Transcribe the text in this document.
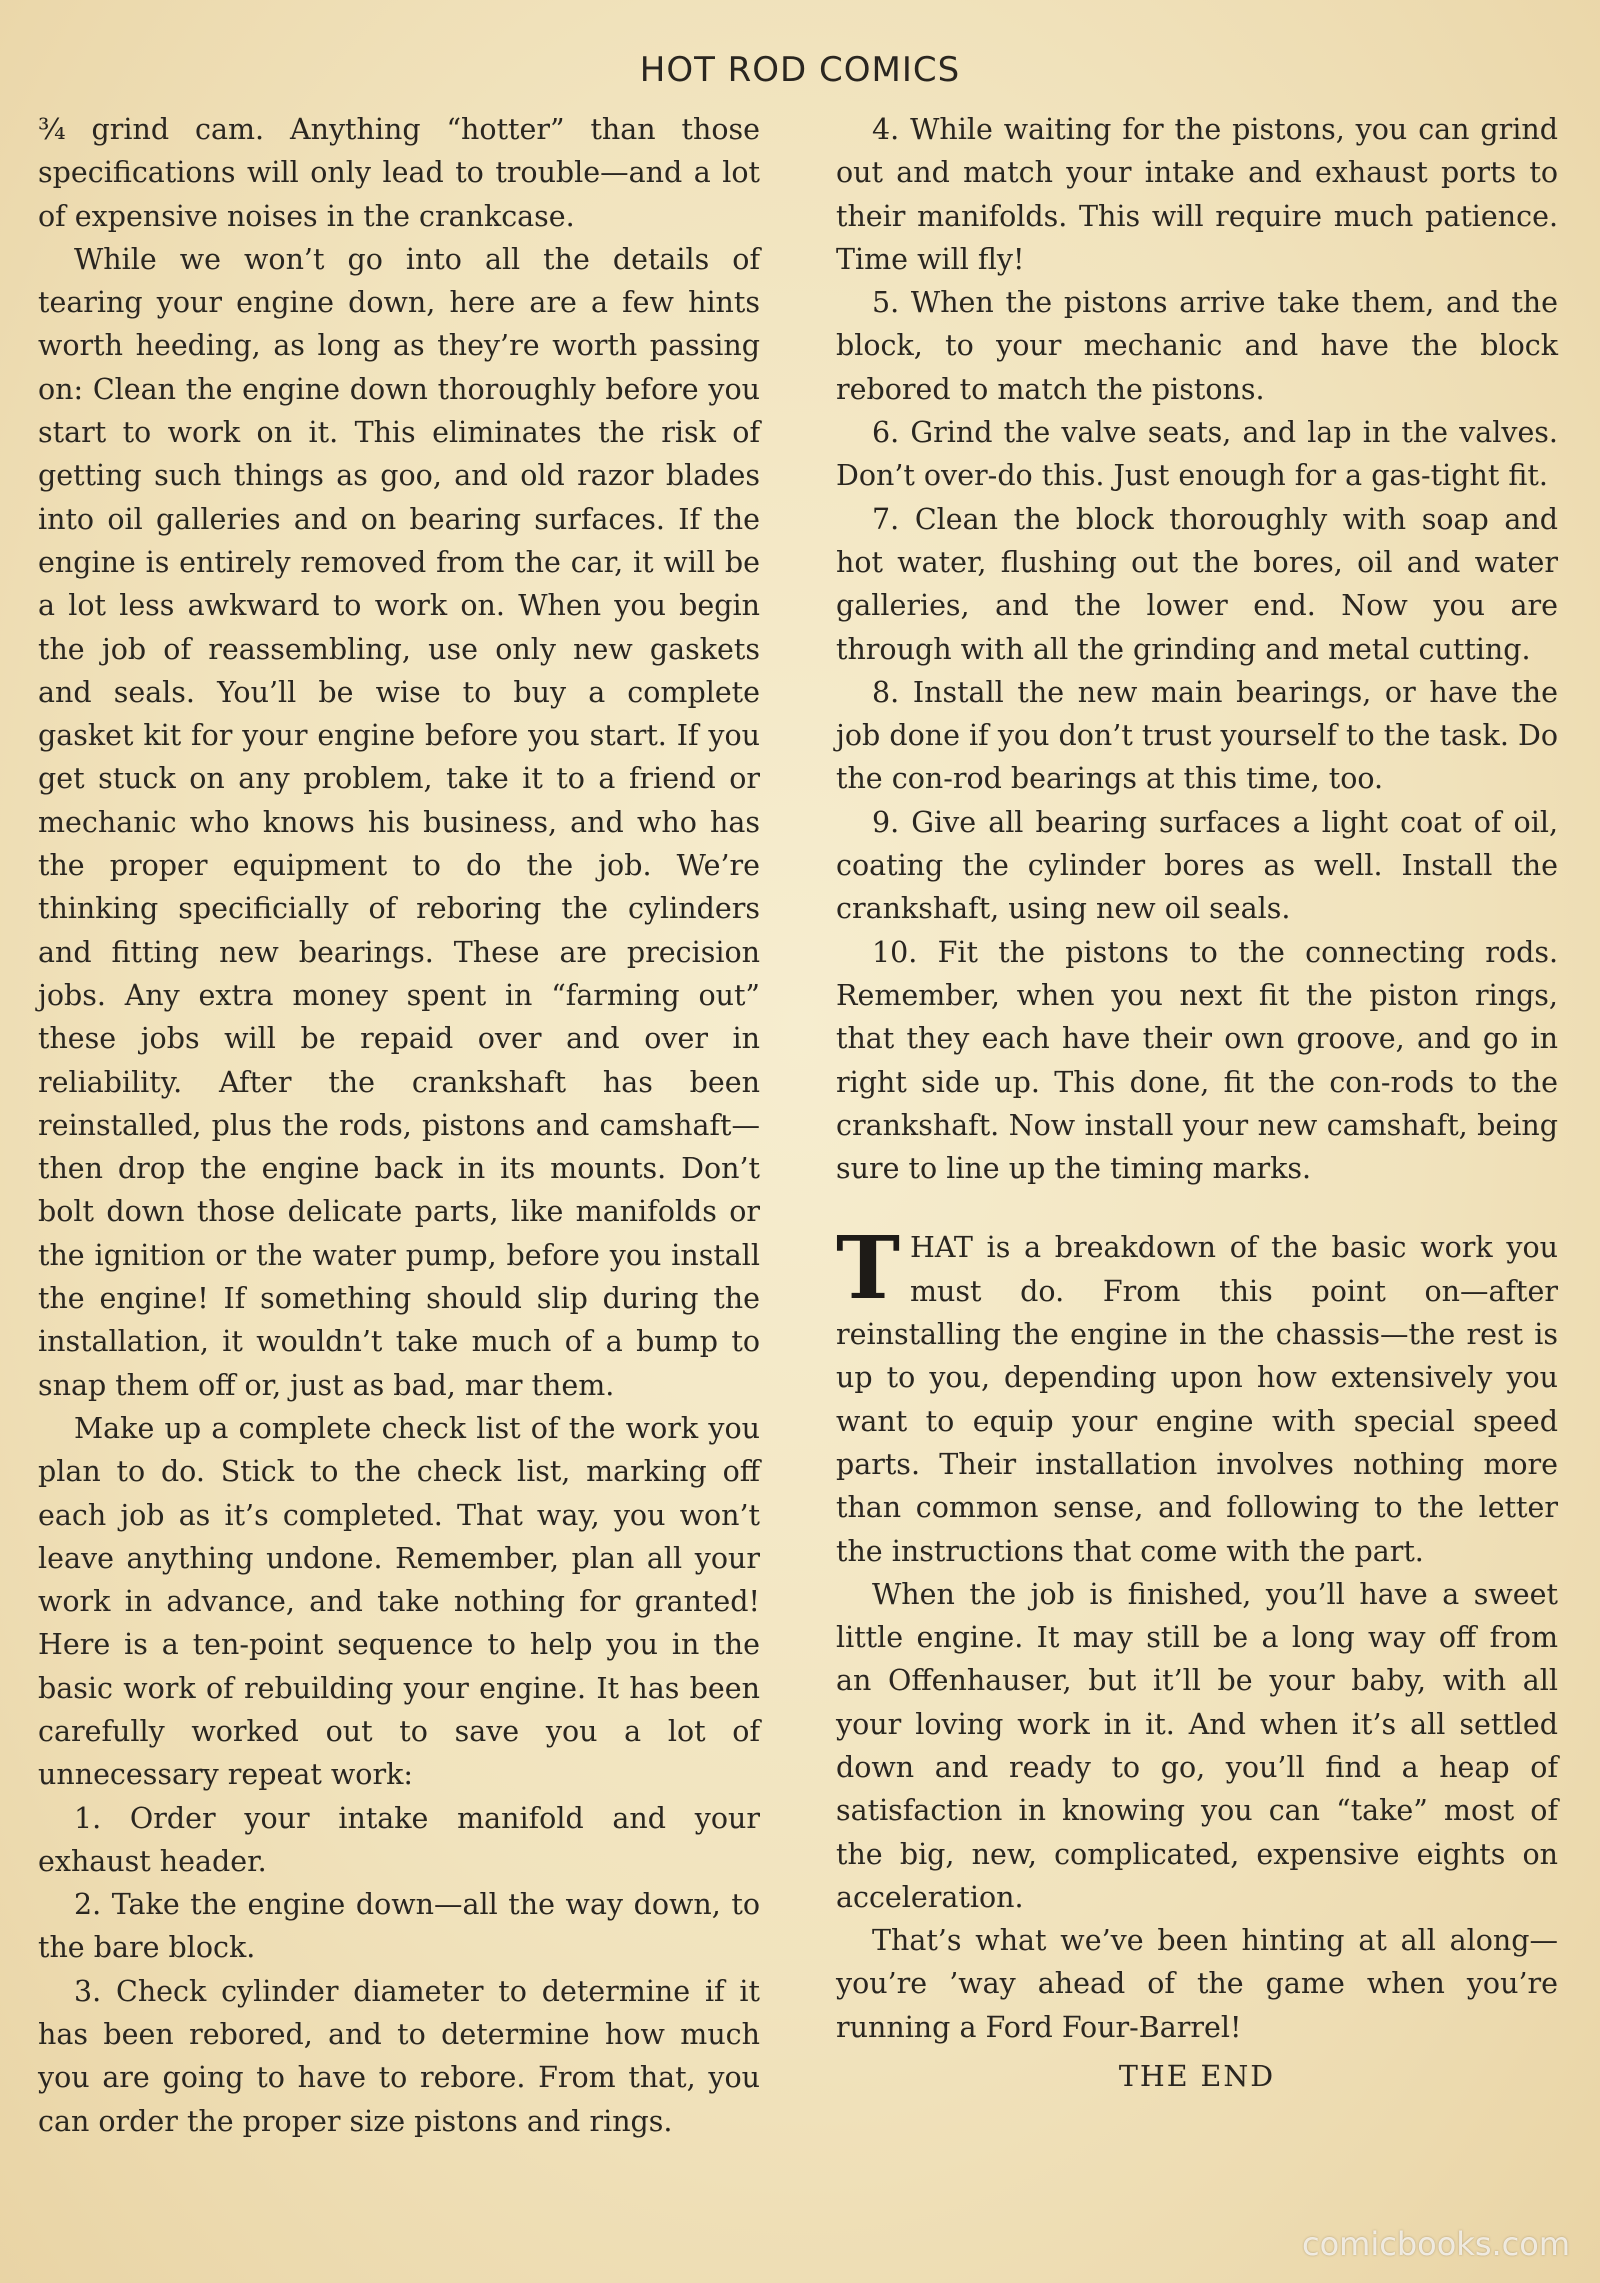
HOT ROD COMICS

¾ grind cam. Anything “hotter” than those specifications will only lead to trouble—and a lot of expensive noises in the crankcase.

While we won’t go into all the details of tearing your engine down, here are a few hints worth heeding, as long as they’re worth passing on: Clean the engine down thoroughly before you start to work on it. This eliminates the risk of getting such things as goo, and old razor blades into oil galleries and on bearing surfaces. If the engine is entirely removed from the car, it will be a lot less awkward to work on. When you begin the job of reassembling, use only new gaskets and seals. You’ll be wise to buy a complete gasket kit for your engine before you start. If you get stuck on any problem, take it to a friend or mechanic who knows his business, and who has the proper equipment to do the job. We’re thinking specificially of reboring the cylinders and fitting new bearings. These are precision jobs. Any extra money spent in “farming out” these jobs will be repaid over and over in reliability. After the crankshaft has been reinstalled, plus the rods, pistons and camshaft—then drop the engine back in its mounts. Don’t bolt down those delicate parts, like manifolds or the ignition or the water pump, before you install the engine! If something should slip during the installation, it wouldn’t take much of a bump to snap them off or, just as bad, mar them.

Make up a complete check list of the work you plan to do. Stick to the check list, marking off each job as it’s completed. That way, you won’t leave anything undone. Remember, plan all your work in advance, and take nothing for granted! Here is a ten-point sequence to help you in the basic work of rebuilding your engine. It has been carefully worked out to save you a lot of unnecessary repeat work:

1. Order your intake manifold and your exhaust header.

2. Take the engine down—all the way down, to the bare block.

3. Check cylinder diameter to determine if it has been rebored, and to determine how much you are going to have to rebore. From that, you can order the proper size pistons and rings.

4. While waiting for the pistons, you can grind out and match your intake and exhaust ports to their manifolds. This will require much patience. Time will fly!

5. When the pistons arrive take them, and the block, to your mechanic and have the block rebored to match the pistons.

6. Grind the valve seats, and lap in the valves. Don’t over-do this. Just enough for a gas-tight fit.

7. Clean the block thoroughly with soap and hot water, flushing out the bores, oil and water galleries, and the lower end. Now you are through with all the grinding and metal cutting.

8. Install the new main bearings, or have the job done if you don’t trust yourself to the task. Do the con-rod bearings at this time, too.

9. Give all bearing surfaces a light coat of oil, coating the cylinder bores as well. Install the crankshaft, using new oil seals.

10. Fit the pistons to the connecting rods. Remember, when you next fit the piston rings, that they each have their own groove, and go in right side up. This done, fit the con-rods to the crankshaft. Now install your new camshaft, being sure to line up the timing marks.

THAT is a breakdown of the basic work you must do. From this point on—after reinstalling the engine in the chassis—the rest is up to you, depending upon how extensively you want to equip your engine with special speed parts. Their installation involves nothing more than common sense, and following to the letter the instructions that come with the part.

When the job is finished, you’ll have a sweet little engine. It may still be a long way off from an Offenhauser, but it’ll be your baby, with all your loving work in it. And when it’s all settled down and ready to go, you’ll find a heap of satisfaction in knowing you can “take” most of the big, new, complicated, expensive eights on acceleration.

That’s what we’ve been hinting at all along—you’re ’way ahead of the game when you’re running a Ford Four-Barrel!

THE END

comicbooks.com
